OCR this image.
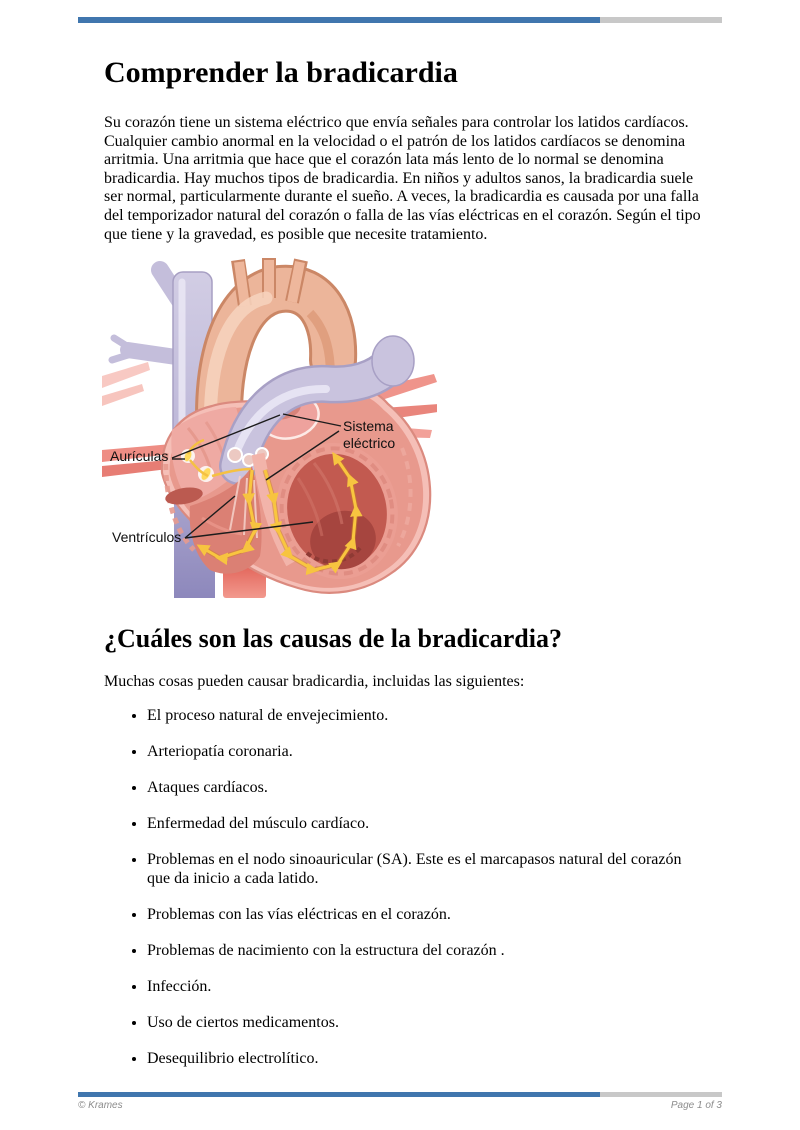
Comprender la bradicardia

Su corazón tiene un sistema eléctrico que envía señales para controlar los latidos cardíacos. Cualquier cambio anormal en la velocidad o el patrón de los latidos cardíacos se denomina arritmia. Una arritmia que hace que el corazón lata más lento de lo normal se denomina bradicardia. Hay muchos tipos de bradicardia. En niños y adultos sanos, la bradicardia suele ser normal, particularmente durante el sueño. A veces, la bradicardia es causada por una falla del temporizador natural del corazón o falla de las vías eléctricas en el corazón. Según el tipo que tiene y la gravedad, es posible que necesite tratamiento.

Aurículas
Sistema eléctrico
Ventrículos
¿Cuáles son las causas de la bradicardia?

Muchas cosas pueden causar bradicardia, incluidas las siguientes:

• El proceso natural de envejecimiento.
• Arteriopatía coronaria.
• Ataques cardíacos.
• Enfermedad del músculo cardíaco.
• Problemas en el nodo sinoauricular (SA). Este es el marcapasos natural del corazón que da inicio a cada latido.
• Problemas con las vías eléctricas en el corazón.
• Problemas de nacimiento con la estructura del corazón .
• Infección.
• Uso de ciertos medicamentos.
• Desequilibrio electrolítico.
© Krames	Page 1 of 3
